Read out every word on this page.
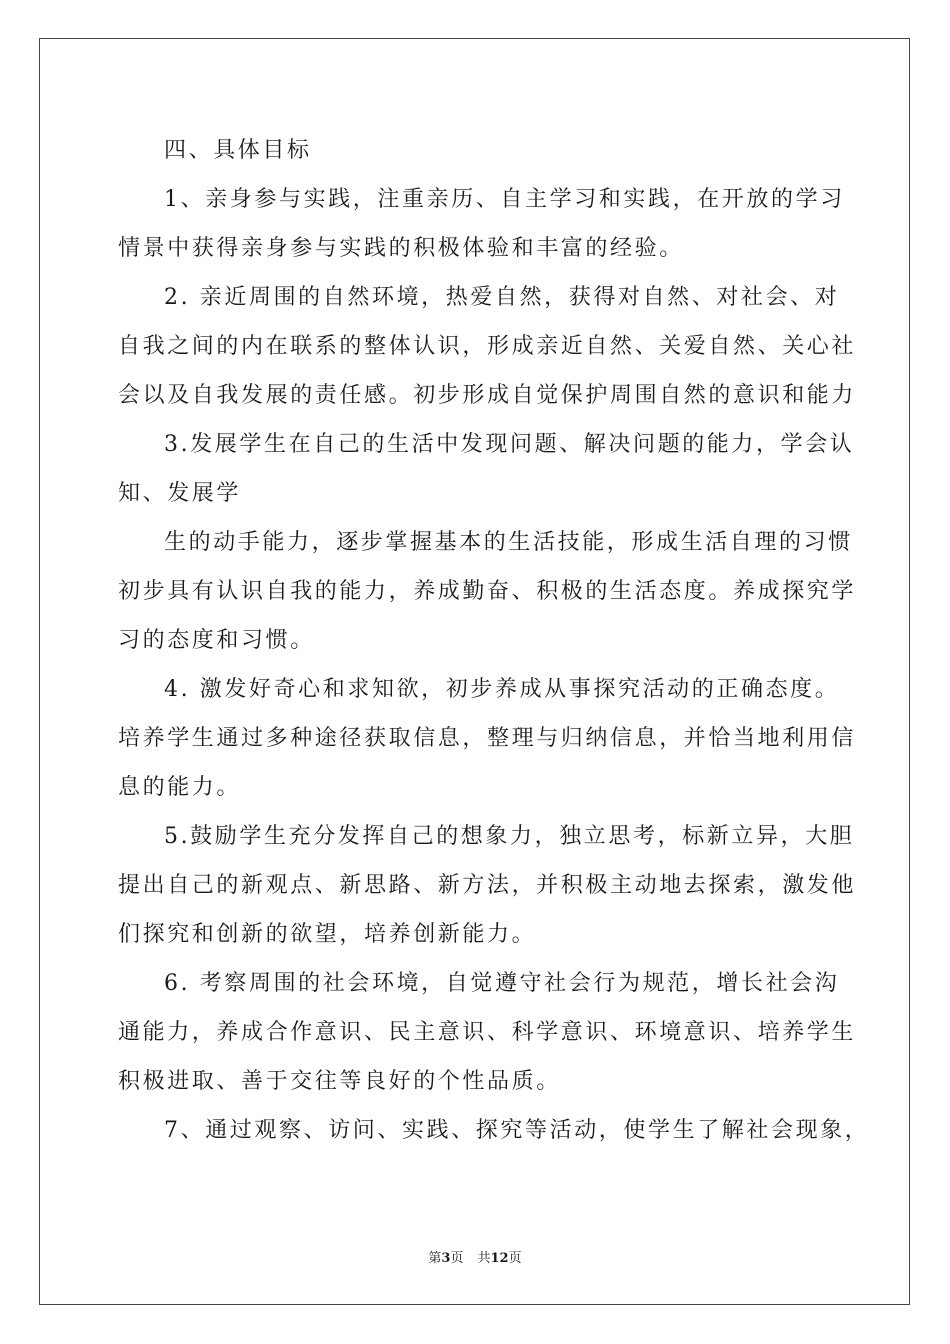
四、具体目标
1、亲身参与实践，注重亲历、自主学习和实践，在开放的学习
情景中获得亲身参与实践的积极体验和丰富的经验。
2. 亲近周围的自然环境，热爱自然，获得对自然、对社会、对
自我之间的内在联系的整体认识，形成亲近自然、关爱自然、关心社
会以及自我发展的责任感。初步形成自觉保护周围自然的意识和能力
3.发展学生在自己的生活中发现问题、解决问题的能力，学会认
知、发展学
生的动手能力，逐步掌握基本的生活技能，形成生活自理的习惯
初步具有认识自我的能力，养成勤奋、积极的生活态度。养成探究学
习的态度和习惯。
4. 激发好奇心和求知欲，初步养成从事探究活动的正确态度。
培养学生通过多种途径获取信息，整理与归纳信息，并恰当地利用信
息的能力。
5.鼓励学生充分发挥自己的想象力，独立思考，标新立异，大胆
提出自己的新观点、新思路、新方法，并积极主动地去探索，激发他
们探究和创新的欲望，培养创新能力。
6. 考察周围的社会环境，自觉遵守社会行为规范，增长社会沟
通能力，养成合作意识、民主意识、科学意识、环境意识、培养学生
积极进取、善于交往等良好的个性品质。
7、通过观察、访问、实践、探究等活动，使学生了解社会现象，
第3页 共12页
